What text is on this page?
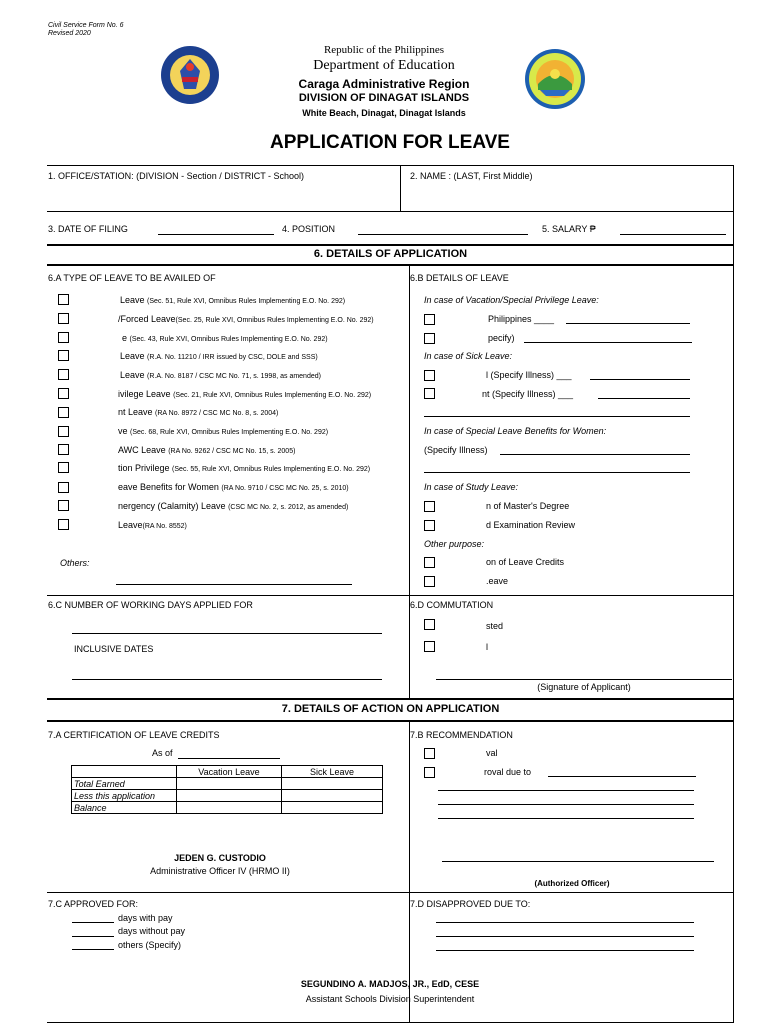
Civil Service Form No. 6
Revised 2020
Republic of the Philippines
Department of Education
Caraga Administrative Region
DIVISION OF DINAGAT ISLANDS
White Beach, Dinagat, Dinagat Islands
APPLICATION FOR LEAVE
1. OFFICE/STATION: (DIVISION - Section / DISTRICT - School)	2. NAME : (LAST, First Middle)
3. DATE OF FILING	4. POSITION	5. SALARY ₱
6. DETAILS OF APPLICATION
6.A TYPE OF LEAVE TO BE AVAILED OF
Leave (Sec. 51, Rule XVI, Omnibus Rules Implementing E.O. No. 292)
/Forced Leave(Sec. 25, Rule XVI, Omnibus Rules Implementing E.O. No. 292)
e (Sec. 43, Rule XVI, Omnibus Rules Implementing E.O. No. 292)
Leave (R.A. No. 11210 / IRR issued by CSC, DOLE and SSS)
Leave (R.A. No. 8187 / CSC MC No. 71, s. 1998, as amended)
ivilege Leave (Sec. 21, Rule XVI, Omnibus Rules Implementing E.O. No. 292)
nt Leave (RA No. 8972 / CSC MC No. 8, s. 2004)
ve (Sec. 68, Rule XVI, Omnibus Rules Implementing E.O. No. 292)
AWC Leave (RA No. 9262 / CSC MC No. 15, s. 2005)
tion Privilege (Sec. 55, Rule XVI, Omnibus Rules Implementing E.O. No. 292)
eave Benefits for Women (RA No. 9710 / CSC MC No. 25, s. 2010)
nergency (Calamity) Leave (CSC MC No. 2, s. 2012, as amended)
Leave(RA No. 8552)
Others:
6.B DETAILS OF LEAVE
In case of Vacation/Special Privilege Leave:
Philippines ____
pecify)
In case of Sick Leave:
l (Specify Illness) ___
nt (Specify Illness) ___
In case of Special Leave Benefits for Women:
(Specify Illness)
In case of Study Leave:
n of Master's Degree
d Examination Review
Other purpose:
on of Leave Credits
.eave
6.C NUMBER OF WORKING DAYS APPLIED FOR
INCLUSIVE DATES
6.D COMMUTATION
sted
l
(Signature of Applicant)
7. DETAILS OF ACTION ON APPLICATION
7.A CERTIFICATION OF LEAVE CREDITS
As of
	Vacation Leave	Sick Leave
Total Earned		
Less this application		
Balance		
JEDEN G. CUSTODIO
Administrative Officer IV (HRMO II)
7.B RECOMMENDATION
val
roval due to
(Authorized Officer)
7.C APPROVED FOR:
days with pay
days without pay
others (Specify)
7.D DISAPPROVED DUE TO:
SEGUNDINO A. MADJOS, JR., EdD, CESE
Assistant Schools Division Superintendent
